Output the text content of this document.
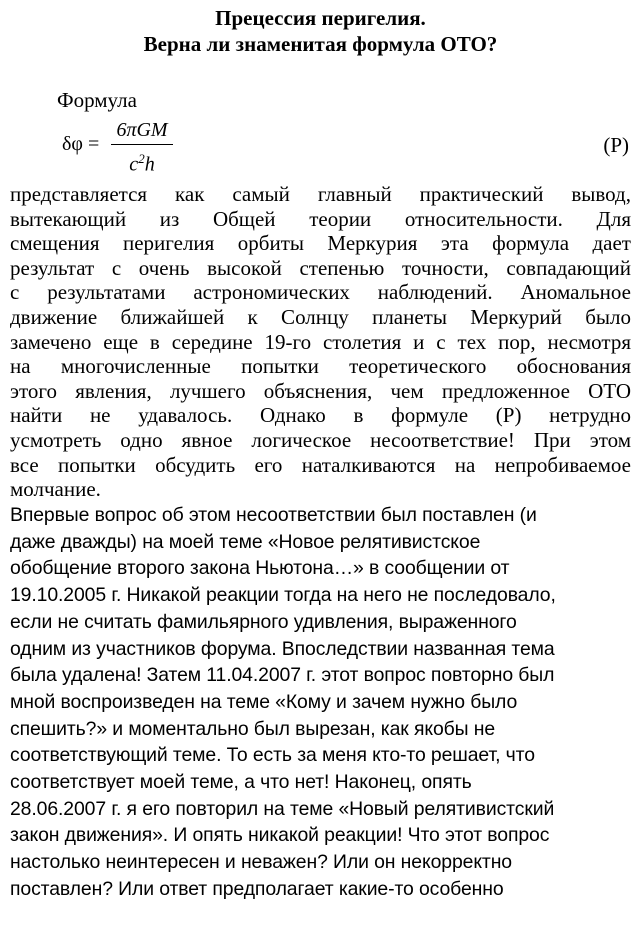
Прецессия перигелия.
Верна ли знаменитая формула ОТО?
Формула
δφ =
6πGM
$c^2h$
(P)
представляется как самый главный практический вывод,
вытекающий из Общей теории относительности. Для
смещения перигелия орбиты Меркурия эта формула дает
результат с очень высокой степенью точности, совпадающий
с результатами астрономических наблюдений. Аномальное
движение ближайшей к Солнцу планеты Меркурий было
замечено еще в середине 19-го столетия и с тех пор, несмотря
на многочисленные попытки теоретического обоснования
этого явления, лучшего объяснения, чем предложенное ОТО
найти не удавалось. Однако в формуле (P) нетрудно
усмотреть одно явное логическое несоответствие! При этом
все попытки обсудить его наталкиваются на непробиваемое
молчание.
Впервые вопрос об этом несоответствии был поставлен (и
даже дважды) на моей теме «Новое релятивистское
обобщение второго закона Ньютона…» в сообщении от
19.10.2005 г. Никакой реакции тогда на него не последовало,
если не считать фамильярного удивления, выраженного
одним из участников форума. Впоследствии названная тема
была удалена! Затем 11.04.2007 г. этот вопрос повторно был
мной воспроизведен на теме «Кому и зачем нужно было
спешить?» и моментально был вырезан, как якобы не
соответствующий теме. То есть за меня кто-то решает, что
соответствует моей теме, а что нет! Наконец, опять
28.06.2007 г. я его повторил на теме «Новый релятивистский
закон движения». И опять никакой реакции! Что этот вопрос
настолько неинтересен и неважен? Или он некорректно
поставлен? Или ответ предполагает какие-то особенно
